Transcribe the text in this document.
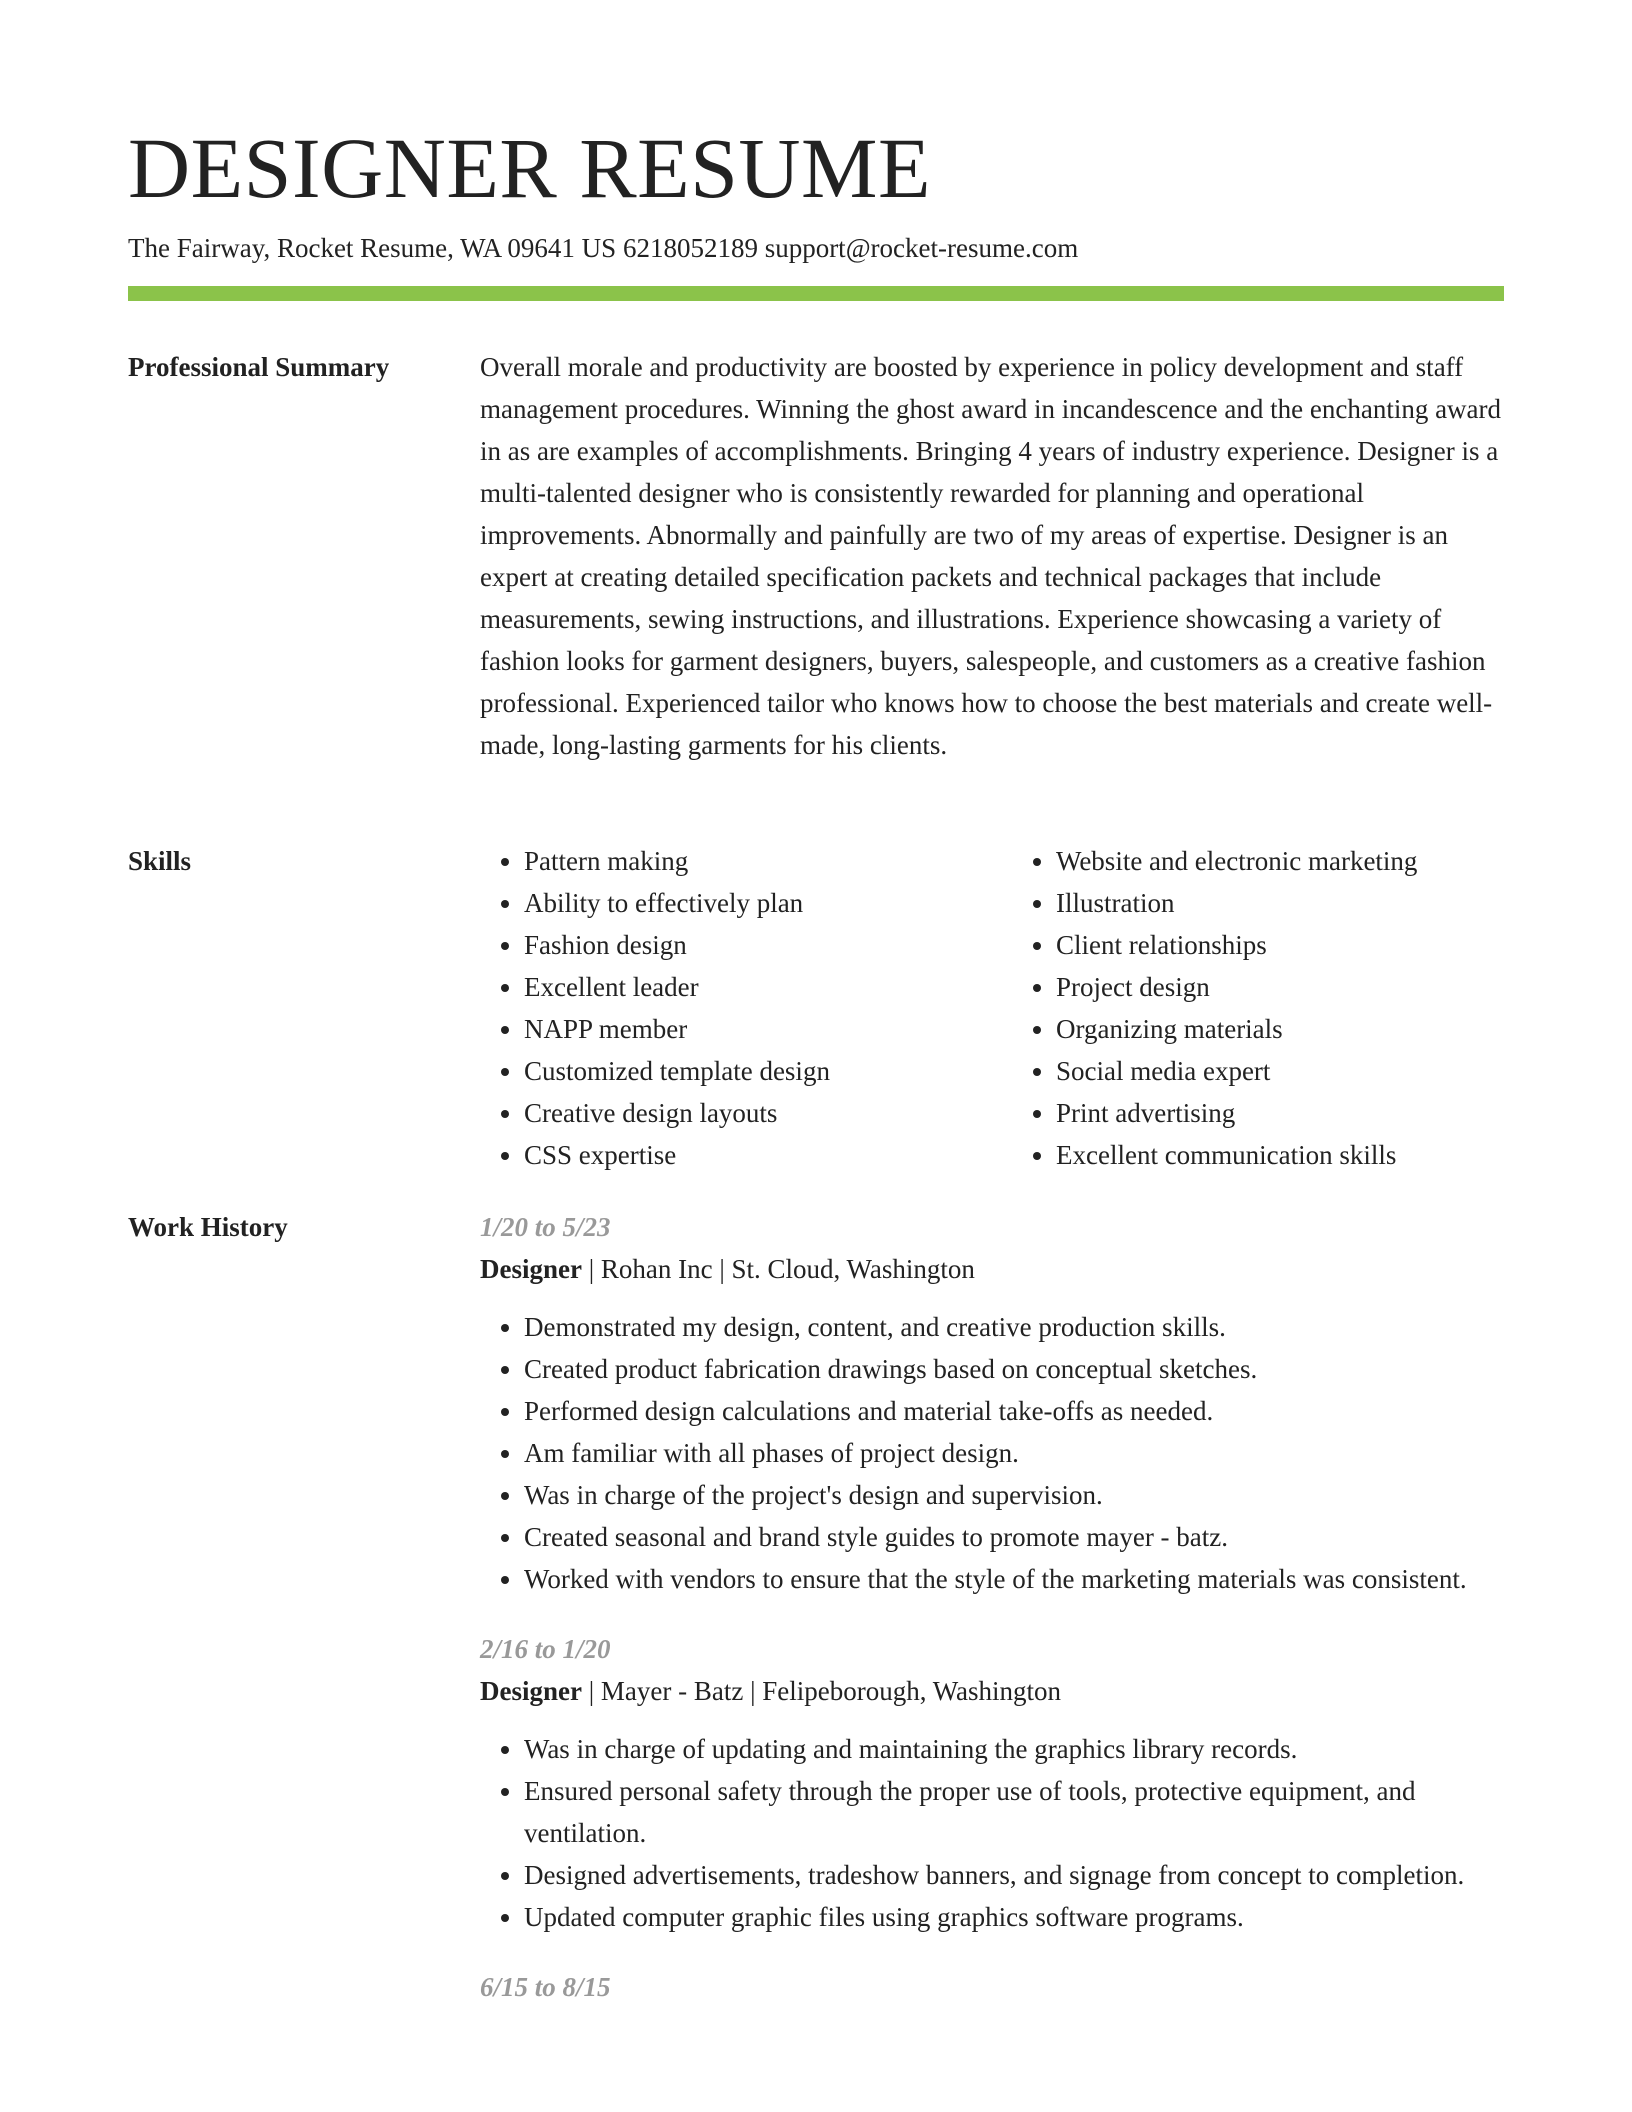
DESIGNER RESUME
The Fairway, Rocket Resume, WA 09641 US 6218052189 support@rocket-resume.com
Professional Summary	Overall morale and productivity are boosted by experience in policy development and staff management procedures. Winning the ghost award in incandescence and the enchanting award in as are examples of accomplishments. Bringing 4 years of industry experience. Designer is a multi-talented designer who is consistently rewarded for planning and operational improvements. Abnormally and painfully are two of my areas of expertise. Designer is an expert at creating detailed specification packets and technical packages that include measurements, sewing instructions, and illustrations. Experience showcasing a variety of fashion looks for garment designers, buyers, salespeople, and customers as a creative fashion professional. Experienced tailor who knows how to choose the best materials and create well-made, long-lasting garments for his clients.

Skills
•	Pattern making
• Ability to effectively plan
• Fashion design
• Excellent leader
• NAPP member
• Customized template design
• Creative design layouts
• CSS expertise
• Website and electronic marketing
• Illustration
• Client relationships
• Project design
• Organizing materials
• Social media expert
• Print advertising
• Excellent communication skills
Work History	1/20 to 5/23
Designer | Rohan Inc | St. Cloud, Washington
• Demonstrated my design, content, and creative production skills.
• Created product fabrication drawings based on conceptual sketches.
• Performed design calculations and material take-offs as needed.
• Am familiar with all phases of project design.
• Was in charge of the project's design and supervision.
• Created seasonal and brand style guides to promote mayer - batz.
• Worked with vendors to ensure that the style of the marketing materials was consistent.
2/16 to 1/20
Designer | Mayer - Batz | Felipeborough, Washington
• Was in charge of updating and maintaining the graphics library records.
• Ensured personal safety through the proper use of tools, protective equipment, and ventilation.
• Designed advertisements, tradeshow banners, and signage from concept to completion.
• Updated computer graphic files using graphics software programs.
6/15 to 8/15
